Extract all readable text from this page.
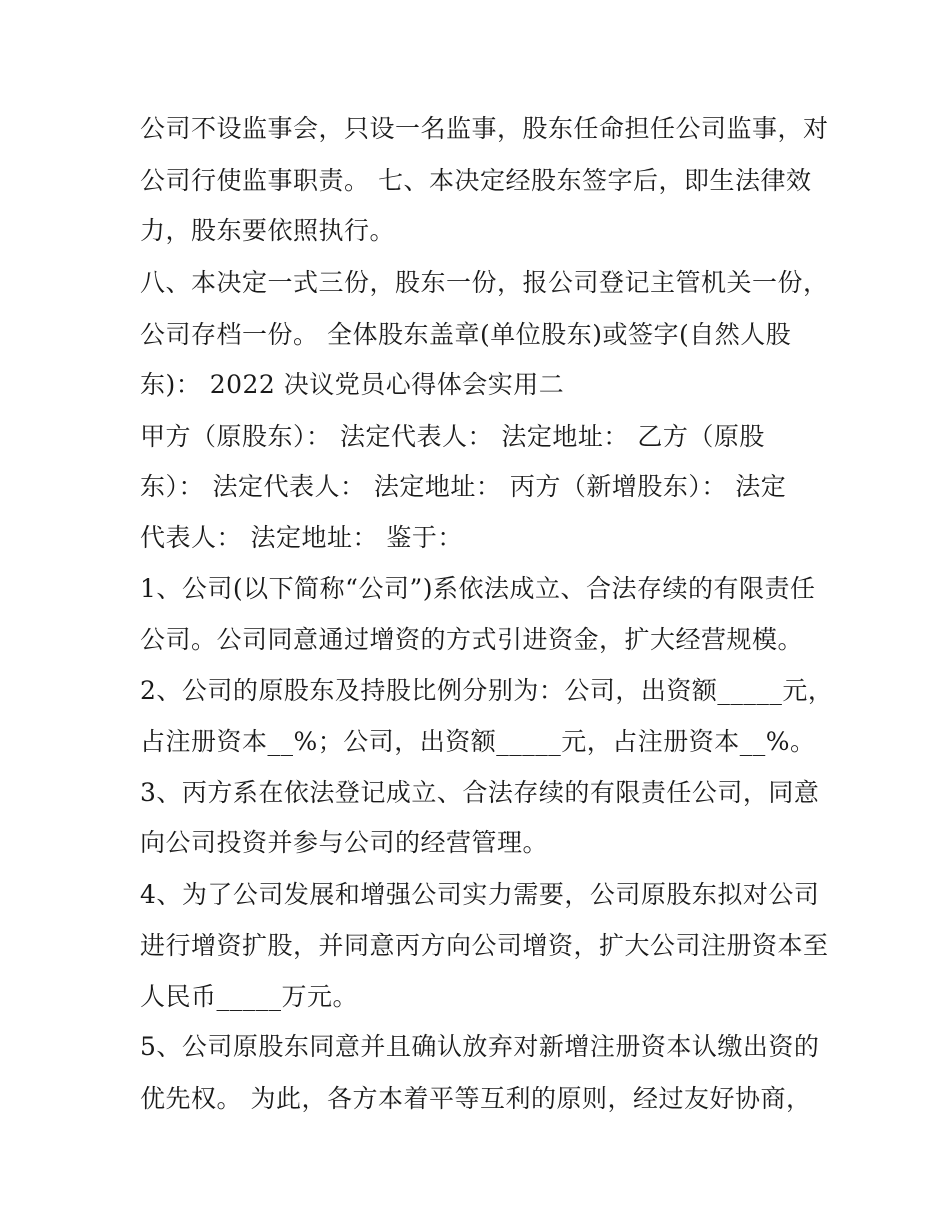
公司不设监事会，只设一名监事，股东任命担任公司监事，对
公司行使监事职责。 七、本决定经股东签字后，即生法律效
力，股东要依照执行。
八、本决定一式三份，股东一份，报公司登记主管机关一份，
公司存档一份。 全体股东盖章(单位股东)或签字(自然人股
东)： 2022 决议党员心得体会实用二
甲方（原股东）： 法定代表人： 法定地址： 乙方（原股
东）： 法定代表人： 法定地址： 丙方（新增股东）： 法定
代表人： 法定地址： 鉴于：
1、公司(以下简称“公司”)系依法成立、合法存续的有限责任
公司。公司同意通过增资的方式引进资金，扩大经营规模。
2、公司的原股东及持股比例分别为：公司，出资额_____元，
占注册资本__%；公司，出资额_____元，占注册资本__%。
3、丙方系在依法登记成立、合法存续的有限责任公司，同意
向公司投资并参与公司的经营管理。
4、为了公司发展和增强公司实力需要，公司原股东拟对公司
进行增资扩股，并同意丙方向公司增资，扩大公司注册资本至
人民币_____万元。
5、公司原股东同意并且确认放弃对新增注册资本认缴出资的
优先权。 为此，各方本着平等互利的原则，经过友好协商，
